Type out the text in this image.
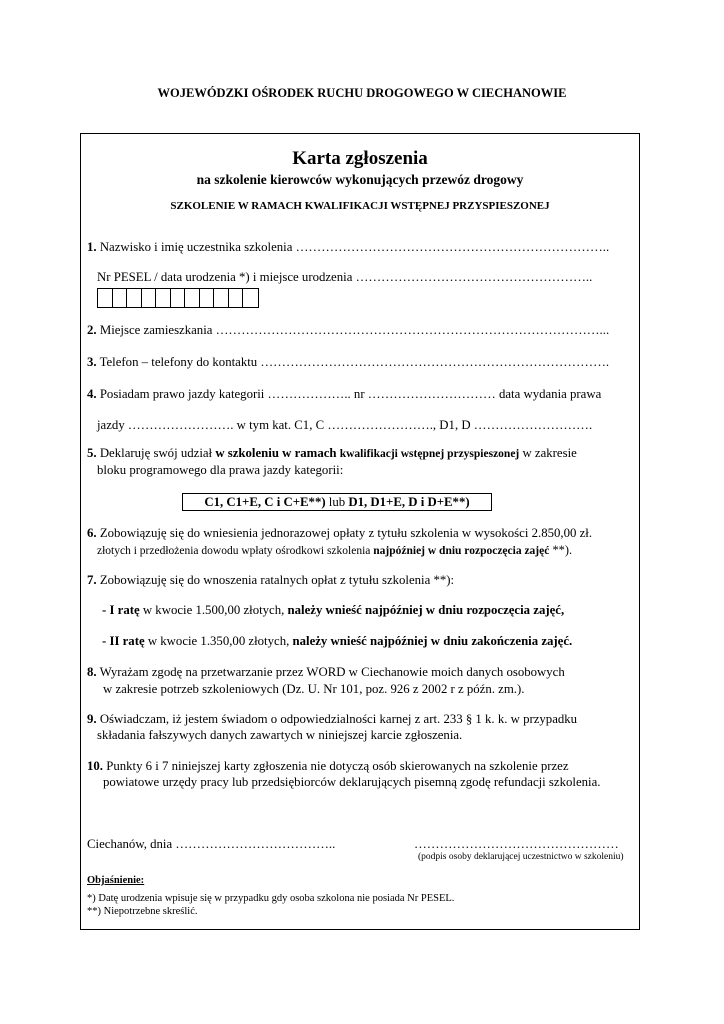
WOJEWÓDZKI OŚRODEK RUCHU DROGOWEGO W CIECHANOWIE
Karta zgłoszenia
na szkolenie kierowców wykonujących przewóz drogowy
SZKOLENIE W RAMACH KWALIFIKACJI WSTĘPNEJ PRZYSPIESZONEJ
1. Nazwisko i imię uczestnika szkolenia ………………………………………………………………..
Nr PESEL / data urodzenia *) i miejsce urodzenia ………………………………………………..
2. Miejsce zamieszkania ………………………………………………………………………………...
3. Telefon – telefony do kontaktu ……………………………………………………………………….
4. Posiadam prawo jazdy kategorii ……………….. nr ………………………… data wydania prawa
jazdy ……………………. w tym kat. C1, C ……………………., D1, D ……………………….
5. Deklaruję swój udział w szkoleniu w ramach kwalifikacji wstępnej przyspieszonej w zakresie
bloku programowego dla prawa jazdy kategorii:
C1, C1+E, C i C+E**) lub D1, D1+E, D i D+E**)
6. Zobowiązuję się do wniesienia jednorazowej opłaty z tytułu szkolenia w wysokości 2.850,00 zł.
złotych i przedłożenia dowodu wpłaty ośrodkowi szkolenia najpóźniej w dniu rozpoczęcia zajęć **).
7. Zobowiązuję się do wnoszenia ratalnych opłat z tytułu szkolenia **):
- I ratę w kwocie 1.500,00 złotych, należy wnieść najpóźniej w dniu rozpoczęcia zajęć,
- II ratę w kwocie 1.350,00 złotych, należy wnieść najpóźniej w dniu zakończenia zajęć.
8. Wyrażam zgodę na przetwarzanie przez WORD w Ciechanowie moich danych osobowych
w zakresie potrzeb szkoleniowych (Dz. U. Nr 101, poz. 926 z 2002 r z późn. zm.).
9. Oświadczam, iż jestem świadom o odpowiedzialności karnej z art. 233 § 1 k. k. w przypadku
składania fałszywych danych zawartych w niniejszej karcie zgłoszenia.
10. Punkty 6 i 7 niniejszej karty zgłoszenia nie dotyczą osób skierowanych na szkolenie przez
powiatowe urzędy pracy lub przedsiębiorców deklarujących pisemną zgodę refundacji szkolenia.
Ciechanów, dnia ………………………………..	…………………………………………
(podpis osoby deklarującej uczestnictwo w szkoleniu)
Objaśnienie:
*) Datę urodzenia wpisuje się w przypadku gdy osoba szkolona nie posiada Nr PESEL.
**) Niepotrzebne skreślić.
